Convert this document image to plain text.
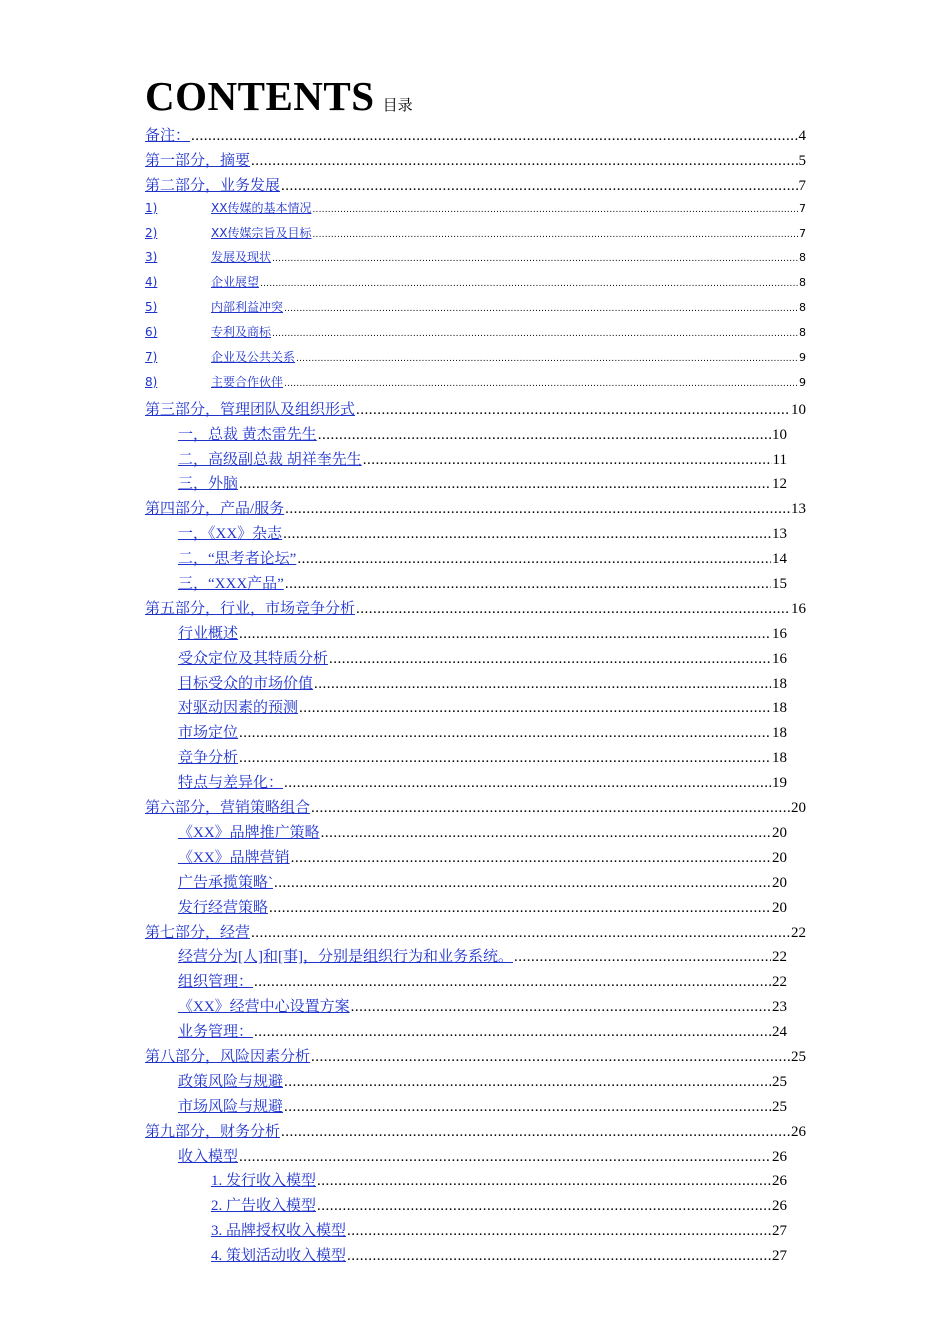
CONTENTS 目录
备注： .....	4
第一部分，摘要 .....	5
第二部分，业务发展 .....	7
1)	XX传媒的基本情况 .....	7
2)	XX传媒宗旨及目标 .....	7
3)	发展及现状 .....	8
4)	企业展望 .....	8
5)	内部利益冲突 .....	8
6)	专利及商标 .....	8
7)	企业及公共关系 .....	9
8)	主要合作伙伴 .....	9
第三部分，管理团队及组织形式 .....	10
一，总裁 黄杰雷先生 .....	10
二，高级副总裁 胡祥奎先生 .....	11
三，外脑 .....	12
第四部分，产品/服务 .....	13
一，《XX》杂志 .....	13
二，“思考者论坛” .....	14
三，“XXX产品” .....	15
第五部分，行业，市场竞争分析 .....	16
行业概述 .....	16
受众定位及其特质分析 .....	16
目标受众的市场价值 .....	18
对驱动因素的预测 .....	18
市场定位 .....	18
竞争分析 .....	18
特点与差异化： .....	19
第六部分，营销策略组合 .....	20
《XX》品牌推广策略 .....	20
《XX》品牌营销 .....	20
广告承揽策略` .....	20
发行经营策略 .....	20
第七部分，经营 .....	22
经营分为[人]和[事]，分别是组织行为和业务系统。 .....	22
组织管理： .....	22
《XX》经营中心设置方案 .....	23
业务管理： .....	24
第八部分，风险因素分析 .....	25
政策风险与规避 .....	25
市场风险与规避 .....	25
第九部分，财务分析 .....	26
收入模型 .....	26
1. 发行收入模型 .....	26
2. 广告收入模型 .....	26
3. 品牌授权收入模型 .....	27
4. 策划活动收入模型 .....	27
